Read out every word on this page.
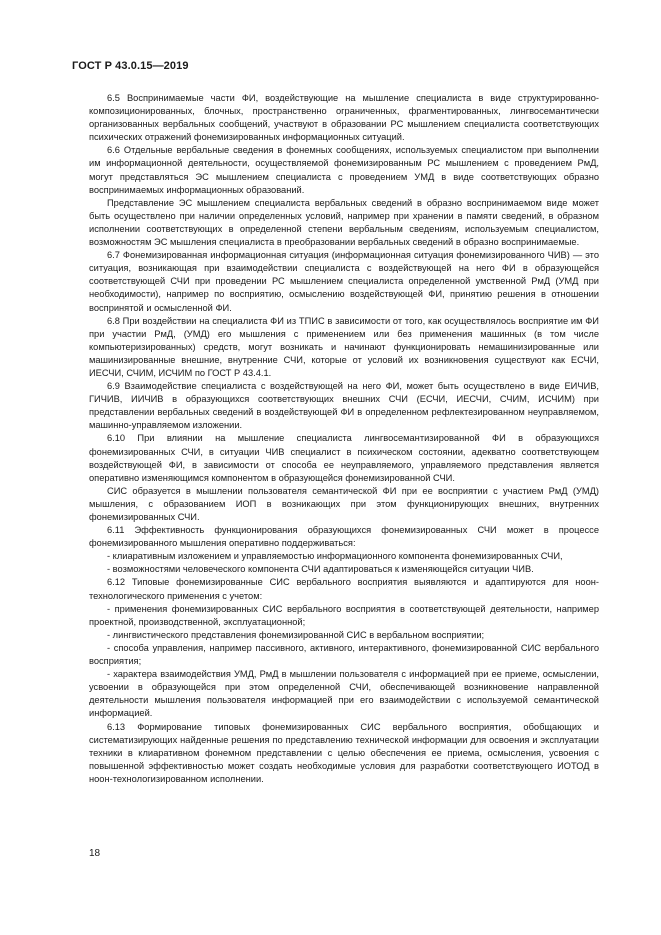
ГОСТ Р 43.0.15—2019

6.5 Воспринимаемые части ФИ, воздействующие на мышление специалиста в виде структурированно-композиционированных, блочных, пространственно ограниченных, фрагментированных, лингвосемантически организованных вербальных сообщений, участвуют в образовании РС мышлением специалиста соответствующих психических отражений фонемизированных информационных ситуаций.

6.6 Отдельные вербальные сведения в фонемных сообщениях, используемых специалистом при выполнении им информационной деятельности, осуществляемой фонемизированным РС мышлением с проведением РмД, могут представляться ЭС мышлением специалиста с проведением УМД в виде соответствующих образно воспринимаемых информационных образований.

Представление ЭС мышлением специалиста вербальных сведений в образно воспринимаемом виде может быть осуществлено при наличии определенных условий, например при хранении в памяти сведений, в образном исполнении соответствующих в определенной степени вербальным сведениям, используемым специалистом, возможностям ЭС мышления специалиста в преобразовании вербальных сведений в образно воспринимаемые.

6.7 Фонемизированная информационная ситуация (информационная ситуация фонемизированного ЧИВ) — это ситуация, возникающая при взаимодействии специалиста с воздействующей на него ФИ в образующейся соответствующей СЧИ при проведении РС мышлением специалиста определенной умственной РмД (УМД при необходимости), например по восприятию, осмыслению воздействующей ФИ, принятию решения в отношении воспринятой и осмысленной ФИ.

6.8 При воздействии на специалиста ФИ из ТПИС в зависимости от того, как осуществлялось восприятие им ФИ при участии РмД, (УМД) его мышления с применением или без применения машинных (в том числе компьютеризированных) средств, могут возникать и начинают функционировать немашинизированные или машинизированные внешние, внутренние СЧИ, которые от условий их возникновения существуют как ЕСЧИ, ИЕСЧИ, СЧИМ, ИСЧИМ по ГОСТ Р 43.4.1.

6.9 Взаимодействие специалиста с воздействующей на него ФИ, может быть осуществлено в виде ЕИЧИВ, ГИЧИВ, ИИЧИВ в образующихся соответствующих внешних СЧИ (ЕСЧИ, ИЕСЧИ, СЧИМ, ИСЧИМ) при представлении вербальных сведений в воздействующей ФИ в определенном рефлектезированном неуправляемом, машинно-управляемом изложении.

6.10 При влиянии на мышление специалиста лингвосемантизированной ФИ в образующихся фонемизированных СЧИ, в ситуации ЧИВ специалист в психическом состоянии, адекватно соответствующем воздействующей ФИ, в зависимости от способа ее неуправляемого, управляемого представления является оперативно изменяющимся компонентом в образующейся фонемизированной СЧИ.

СИС образуется в мышлении пользователя семантической ФИ при ее восприятии с участием РмД (УМД) мышления, с образованием ИОП в возникающих при этом функционирующих внешних, внутренних фонемизированных СЧИ.

6.11 Эффективность функционирования образующихся фонемизированных СЧИ может в процессе фонемизированного мышления оперативно поддерживаться:

- клиаративным изложением и управляемостью информационного компонента фонемизированных СЧИ,

- возможностями человеческого компонента СЧИ адаптироваться к изменяющейся ситуации ЧИВ.

6.12 Типовые фонемизированные СИС вербального восприятия выявляются и адаптируются для ноон-технологического применения с учетом:

- применения фонемизированных СИС вербального восприятия в соответствующей деятельности, например проектной, производственной, эксплуатационной;

- лингвистического представления фонемизированной СИС в вербальном восприятии;

- способа управления, например пассивного, активного, интерактивного, фонемизированной СИС вербального восприятия;

- характера взаимодействия УМД, РмД в мышлении пользователя с информацией при ее приеме, осмыслении, усвоении в образующейся при этом определенной СЧИ, обеспечивающей возникновение направленной деятельности мышления пользователя информацией при его взаимодействии с используемой семантической информацией.

6.13 Формирование типовых фонемизированных СИС вербального восприятия, обобщающих и систематизирующих найденные решения по представлению технической информации для освоения и эксплуатации техники в клиаративном фонемном представлении с целью обеспечения ее приема, осмысления, усвоения с повышенной эффективностью может создать необходимые условия для разработки соответствующего ИОТОД в ноон-технологизированном исполнении.

18
